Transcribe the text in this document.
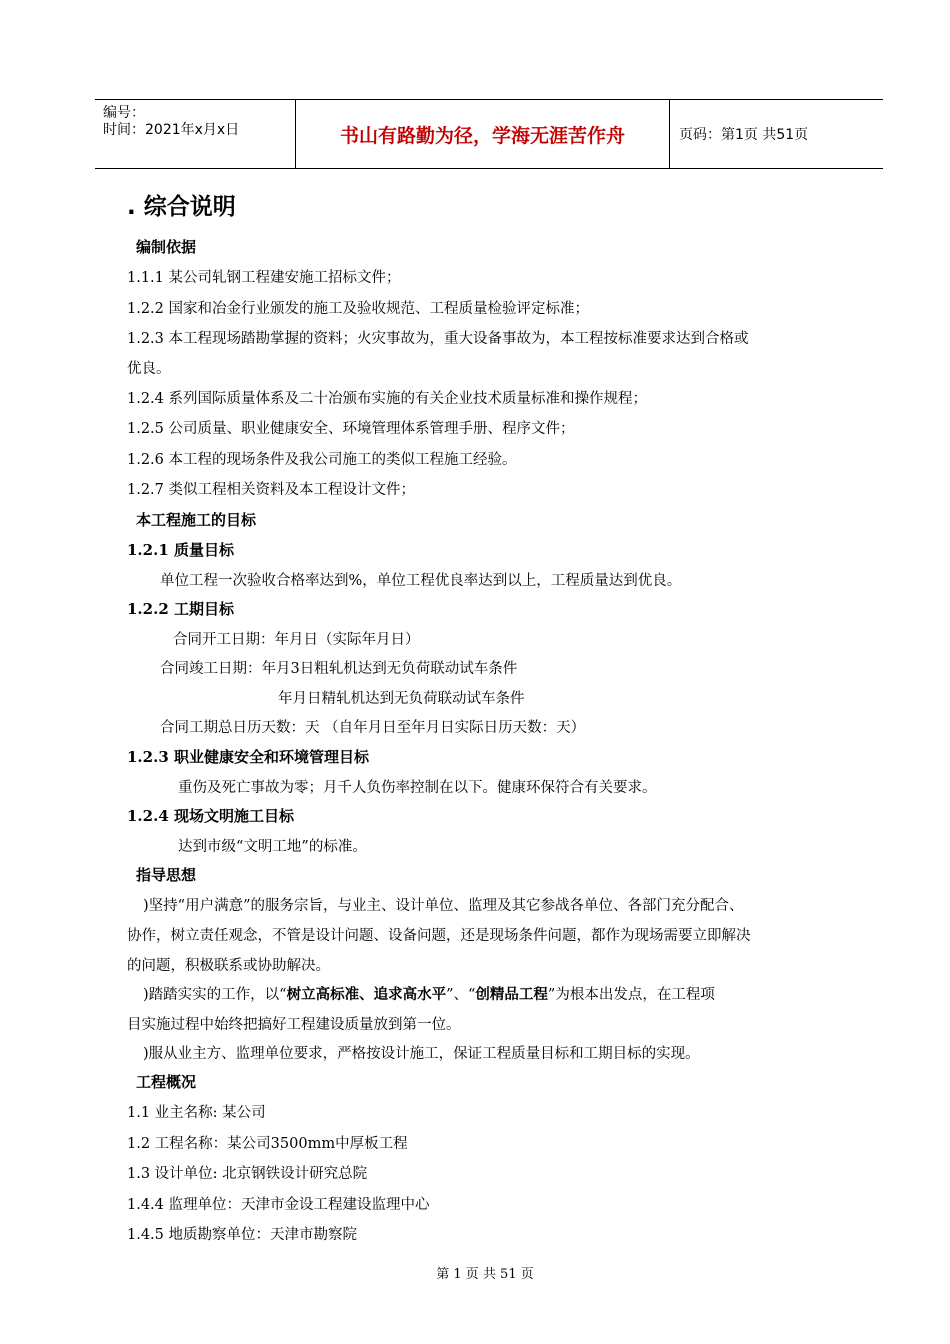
编号：
时间：2021年x月x日	书山有路勤为径，学海无涯苦作舟	页码：第1页 共51页
. 综合说明
编制依据
1.1.1 某公司轧钢工程建安施工招标文件；
1.2.2 国家和冶金行业颁发的施工及验收规范、工程质量检验评定标准；
1.2.3 本工程现场踏勘掌握的资料；火灾事故为，重大设备事故为，本工程按标准要求达到合格或
优良。
1.2.4 系列国际质量体系及二十冶颁布实施的有关企业技术质量标准和操作规程；
1.2.5 公司质量、职业健康安全、环境管理体系管理手册、程序文件；
1.2.6 本工程的现场条件及我公司施工的类似工程施工经验。
1.2.7 类似工程相关资料及本工程设计文件；
本工程施工的目标
1.2.1 质量目标
单位工程一次验收合格率达到%，单位工程优良率达到以上，工程质量达到优良。
1.2.2 工期目标
合同开工日期：年月日（实际年月日）
合同竣工日期：年月3日粗轧机达到无负荷联动试车条件
年月日精轧机达到无负荷联动试车条件
合同工期总日历天数：天 （自年月日至年月日实际日历天数：天）
1.2.3 职业健康安全和环境管理目标
重伤及死亡事故为零；月千人负伤率控制在以下。健康环保符合有关要求。
1.2.4 现场文明施工目标
达到市级“文明工地”的标准。
指导思想
)坚持“用户满意”的服务宗旨，与业主、设计单位、监理及其它参战各单位、各部门充分配合、
协作，树立责任观念，不管是设计问题、设备问题，还是现场条件问题，都作为现场需要立即解决
的问题，积极联系或协助解决。
)踏踏实实的工作，以“树立高标准、追求高水平”、“创精品工程”为根本出发点，在工程项
目实施过程中始终把搞好工程建设质量放到第一位。
)服从业主方、监理单位要求，严格按设计施工，保证工程质量目标和工期目标的实现。
工程概况
1.1 业主名称: 某公司
1.2 工程名称：某公司3500mm中厚板工程
1.3 设计单位: 北京钢铁设计研究总院
1.4.4 监理单位：天津市金设工程建设监理中心
1.4.5 地质勘察单位：天津市勘察院
第 1 页 共 51 页
